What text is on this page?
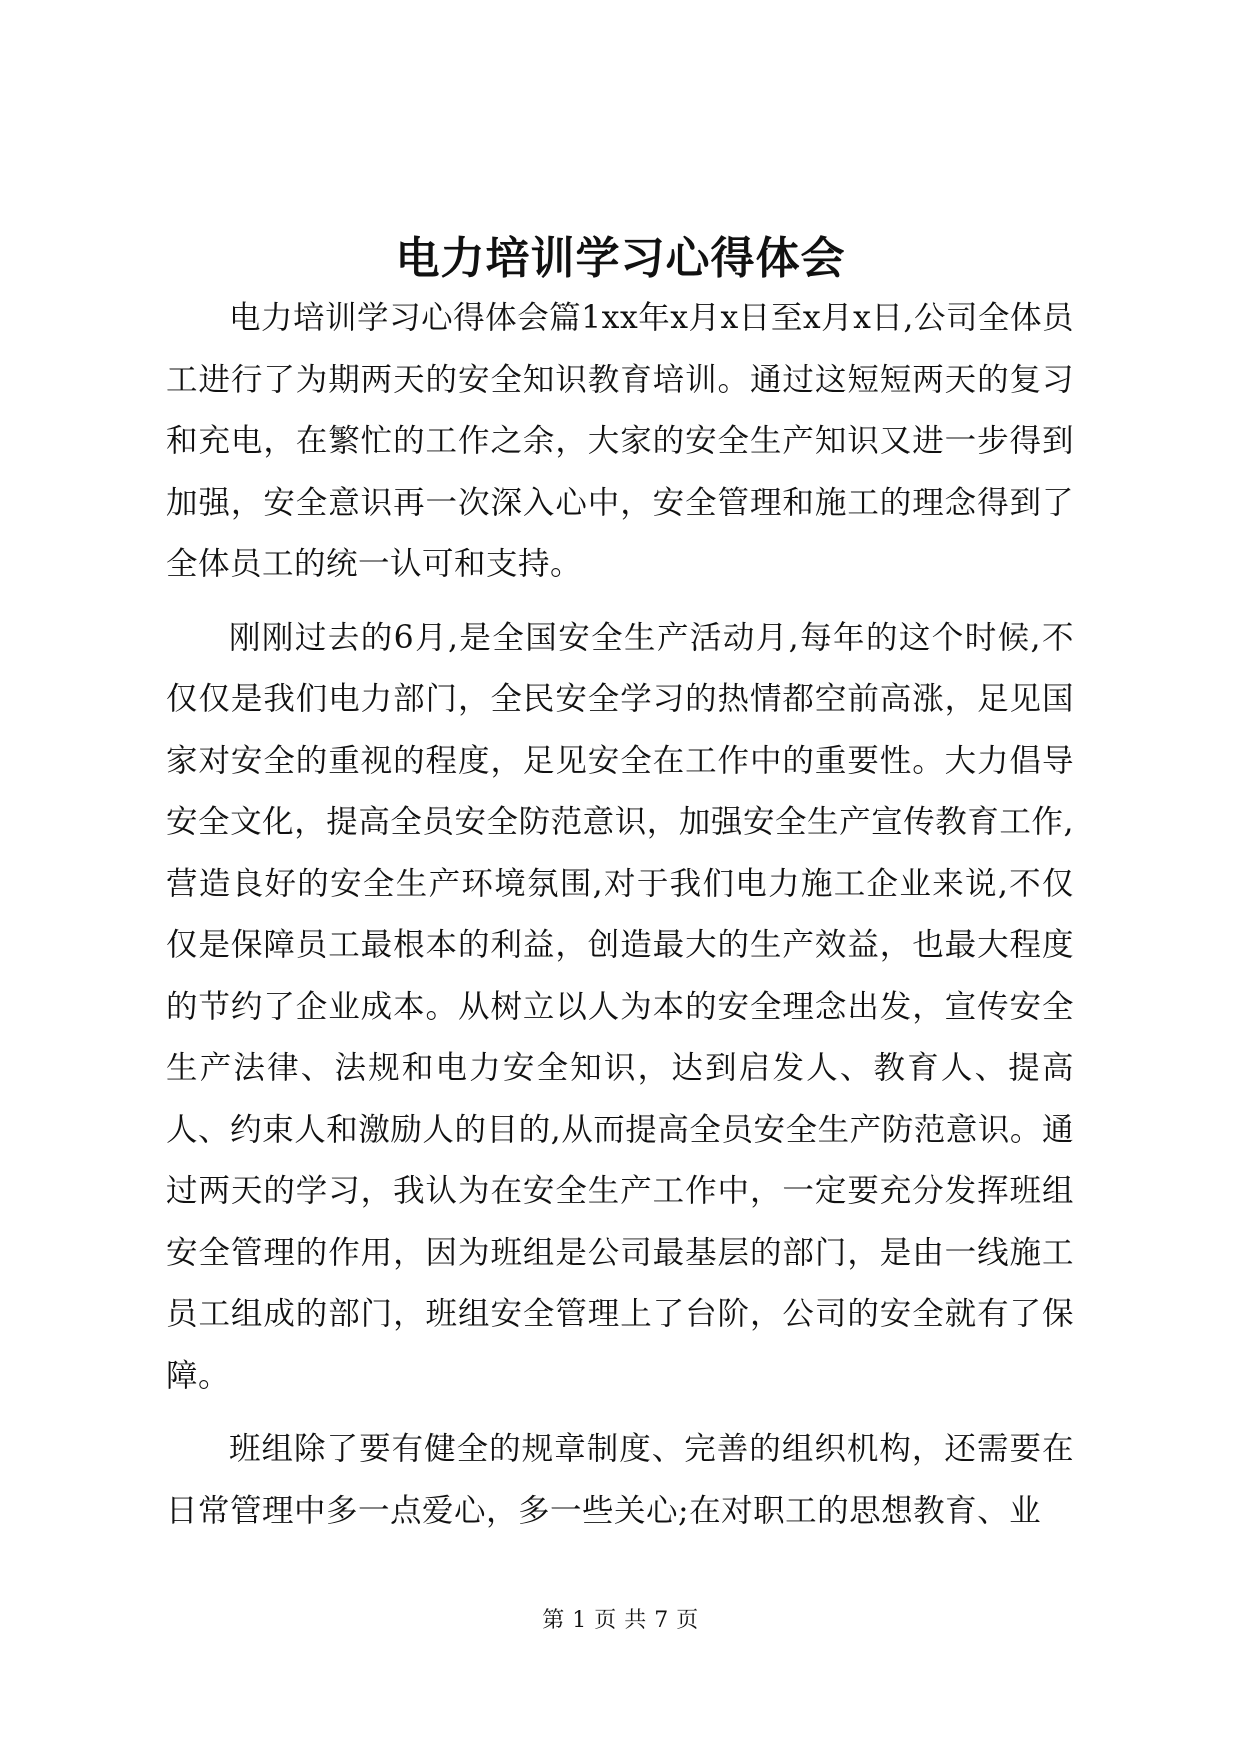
电力培训学习心得体会

电力培训学习心得体会篇1xx年x月x日至x月x日,公司全体员工进行了为期两天的安全知识教育培训。通过这短短两天的复习和充电，在繁忙的工作之余，大家的安全生产知识又进一步得到加强，安全意识再一次深入心中，安全管理和施工的理念得到了全体员工的统一认可和支持。

刚刚过去的6月,是全国安全生产活动月,每年的这个时候,不仅仅是我们电力部门，全民安全学习的热情都空前高涨，足见国家对安全的重视的程度，足见安全在工作中的重要性。大力倡导安全文化，提高全员安全防范意识，加强安全生产宣传教育工作,营造良好的安全生产环境氛围,对于我们电力施工企业来说,不仅仅是保障员工最根本的利益，创造最大的生产效益，也最大程度的节约了企业成本。从树立以人为本的安全理念出发，宣传安全生产法律、法规和电力安全知识，达到启发人、教育人、提高人、约束人和激励人的目的,从而提高全员安全生产防范意识。通过两天的学习，我认为在安全生产工作中，一定要充分发挥班组安全管理的作用，因为班组是公司最基层的部门，是由一线施工员工组成的部门，班组安全管理上了台阶，公司的安全就有了保障。

班组除了要有健全的规章制度、完善的组织机构，还需要在日常管理中多一点爱心，多一些关心;在对职工的思想教育、业

第 1 页 共 7 页
